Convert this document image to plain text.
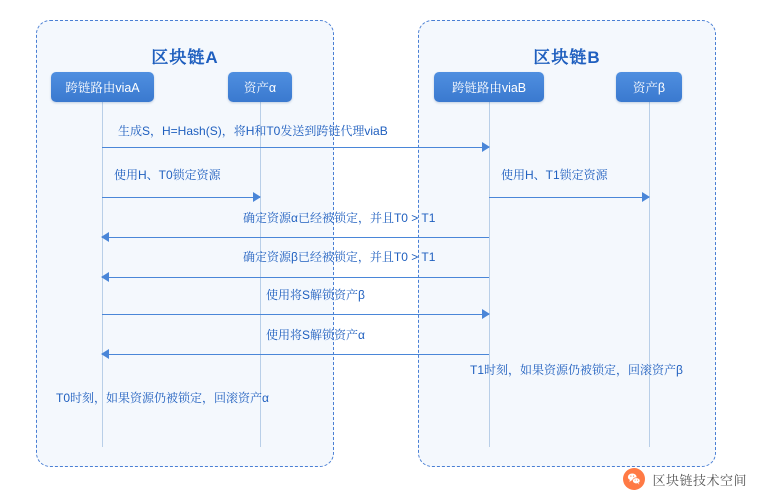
区块链A	区块链B
跨链路由viaA	资产α	跨链路由viaB	资产β
生成S，H=Hash(S)，将H和T0发送到跨链代理viaB
使用H、T0锁定资源	使用H、T1锁定资源
确定资源α已经被锁定，并且T0 > T1
确定资源β已经被锁定，并且T0 > T1
使用将S解锁资产β
使用将S解锁资产α
T1时刻，如果资源仍被锁定，回滚资产β
T0时刻，如果资源仍被锁定，回滚资产α
区块链技术空间
